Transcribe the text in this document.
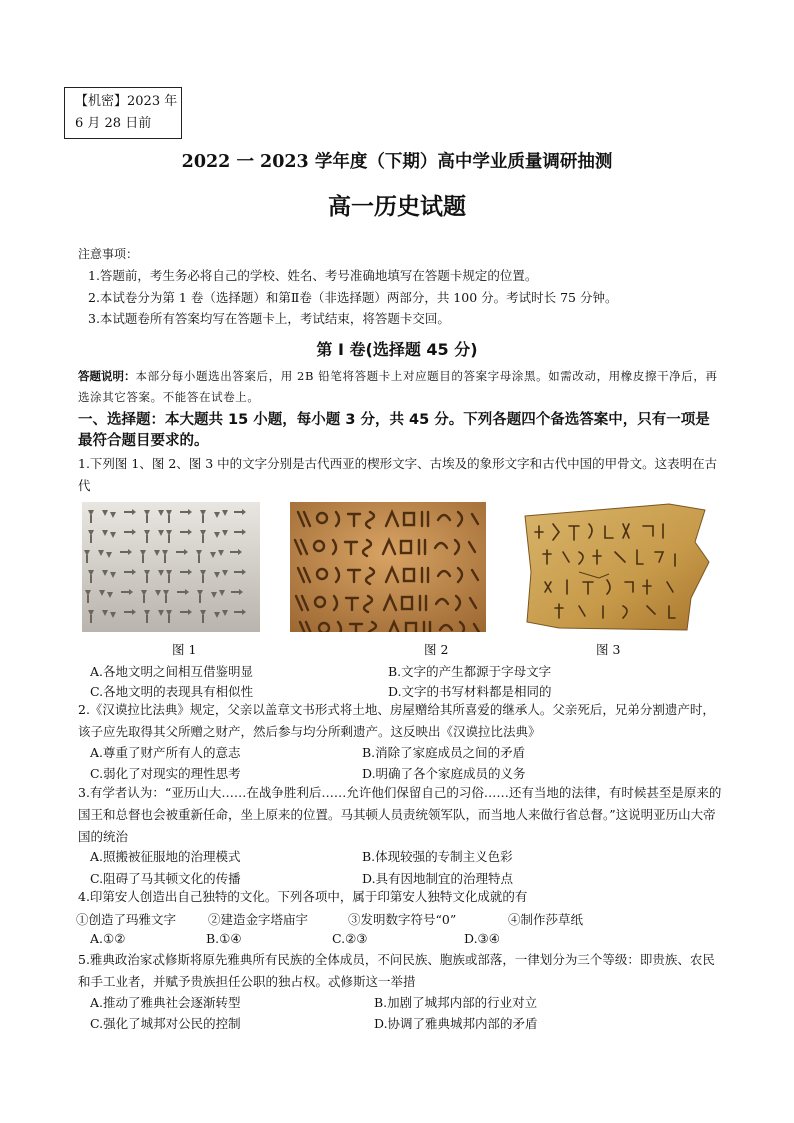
【机密】2023 年
6 月 28 日前
2022 一 2023 学年度（下期）高中学业质量调研抽测
高一历史试题
注意事项：
1.答题前，考生务必将自己的学校、姓名、考号准确地填写在答题卡规定的位置。
2.本试卷分为第 1 卷（选择题）和第Ⅱ卷（非选择题）两部分，共 100 分。考试时长 75 分钟。
3.本试题卷所有答案均写在答题卡上，考试结束，将答题卡交回。
第 Ⅰ 卷(选择题 45 分)
答题说明：本部分每小题选出答案后，用 2B 铅笔将答题卡上对应题目的答案字母涂黑。如需改动，用橡皮擦干净后，再选涂其它答案。不能答在试卷上。
一、选择题：本大题共 15 小题，每小题 3 分，共 45 分。下列各题四个备选答案中，只有一项是最符合题目要求的。
1.下列图 1、图 2、图 3 中的文字分别是古代西亚的楔形文字、古埃及的象形文字和古代中国的甲骨文。这表明在古代
图 1	图 2	图 3
A.各地文明之间相互借鉴明显	B.文字的产生都源于字母文字
C.各地文明的表现具有相似性	D.文字的书写材料都是相同的
2.《汉谟拉比法典》规定，父亲以盖章文书形式将土地、房屋赠给其所喜爱的继承人。父亲死后，兄弟分割遗产时，该子应先取得其父所赠之财产，然后参与均分所剩遗产。这反映出《汉谟拉比法典》
A.尊重了财产所有人的意志	B.消除了家庭成员之间的矛盾
C.弱化了对现实的理性思考	D.明确了各个家庭成员的义务
3.有学者认为：“亚历山大……在战争胜利后……允许他们保留自己的习俗……还有当地的法律，有时候甚至是原来的国王和总督也会被重新任命，坐上原来的位置。马其顿人员责统领军队，而当地人来做行省总督。”这说明亚历山大帝国的统治
A.照搬被征服地的治理模式	B.体现较强的专制主义色彩
C.阻碍了马其顿文化的传播	D.具有因地制宜的治理特点
4.印第安人创造出自己独特的文化。下列各项中，属于印第安人独特文化成就的有
①创造了玛雅文字	②建造金字塔庙宇	③发明数字符号“0”	④制作莎草纸
A.①②	B.①④	C.②③	D.③④
5.雅典政治家忒修斯将原先雅典所有民族的全体成员，不问民族、胞族或部落，一律划分为三个等级：即贵族、农民和手工业者，并赋予贵族担任公职的独占权。忒修斯这一举措
A.推动了雅典社会逐渐转型	B.加剧了城邦内部的行业对立
C.强化了城邦对公民的控制	D.协调了雅典城邦内部的矛盾
